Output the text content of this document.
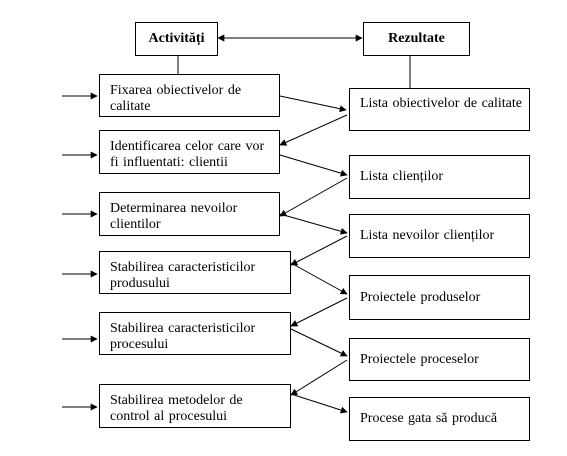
Activități	Rezultate
Fixarea obiectivelor de calitate
Identificarea celor care vor fi influentati: clientii
Determinarea nevoilor clientilor
Stabilirea caracteristicilor produsului
Stabilirea caracteristicilor procesului
Stabilirea metodelor de control al procesului
Lista obiectivelor de calitate
Lista clienților
Lista nevoilor clienților
Proiectele produselor
Proiectele proceselor
Procese gata să producă
